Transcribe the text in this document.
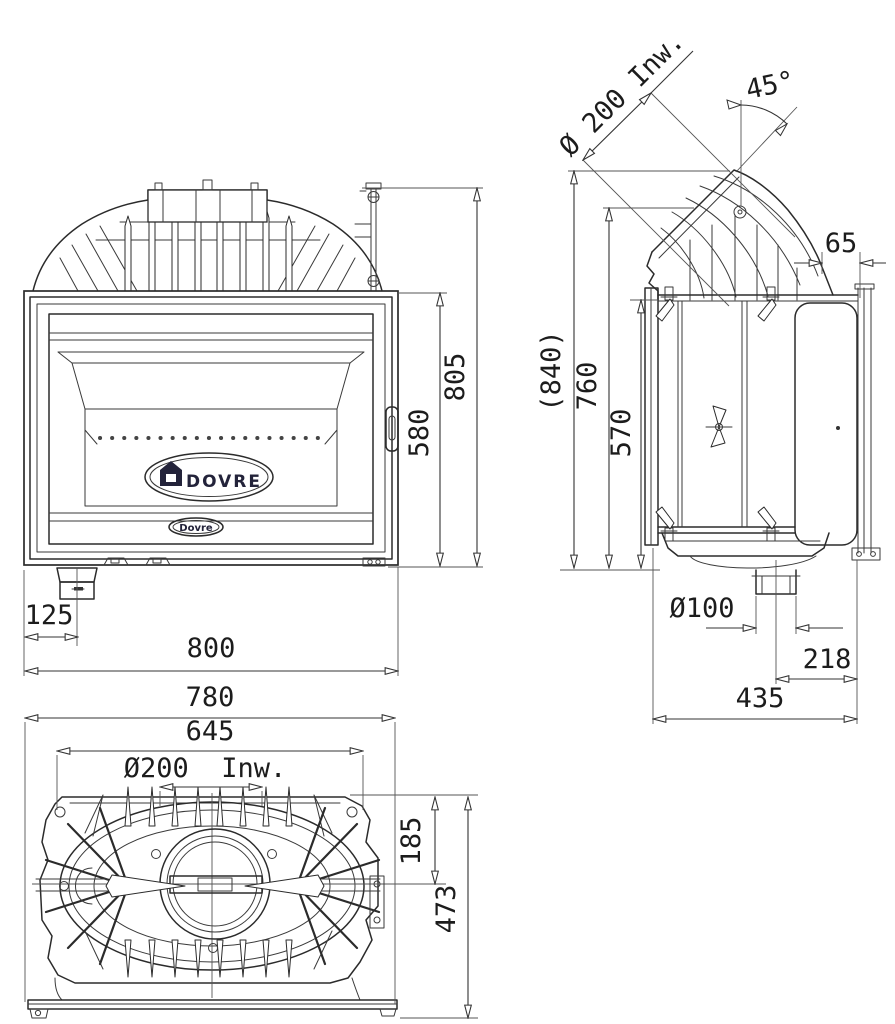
DOVRE
Dovre
800
125
580
805 (840) 760
570
Ø 200 Inw. 45°
65
Ø100
218
435
780
645
Ø200  Inw.
185
473
